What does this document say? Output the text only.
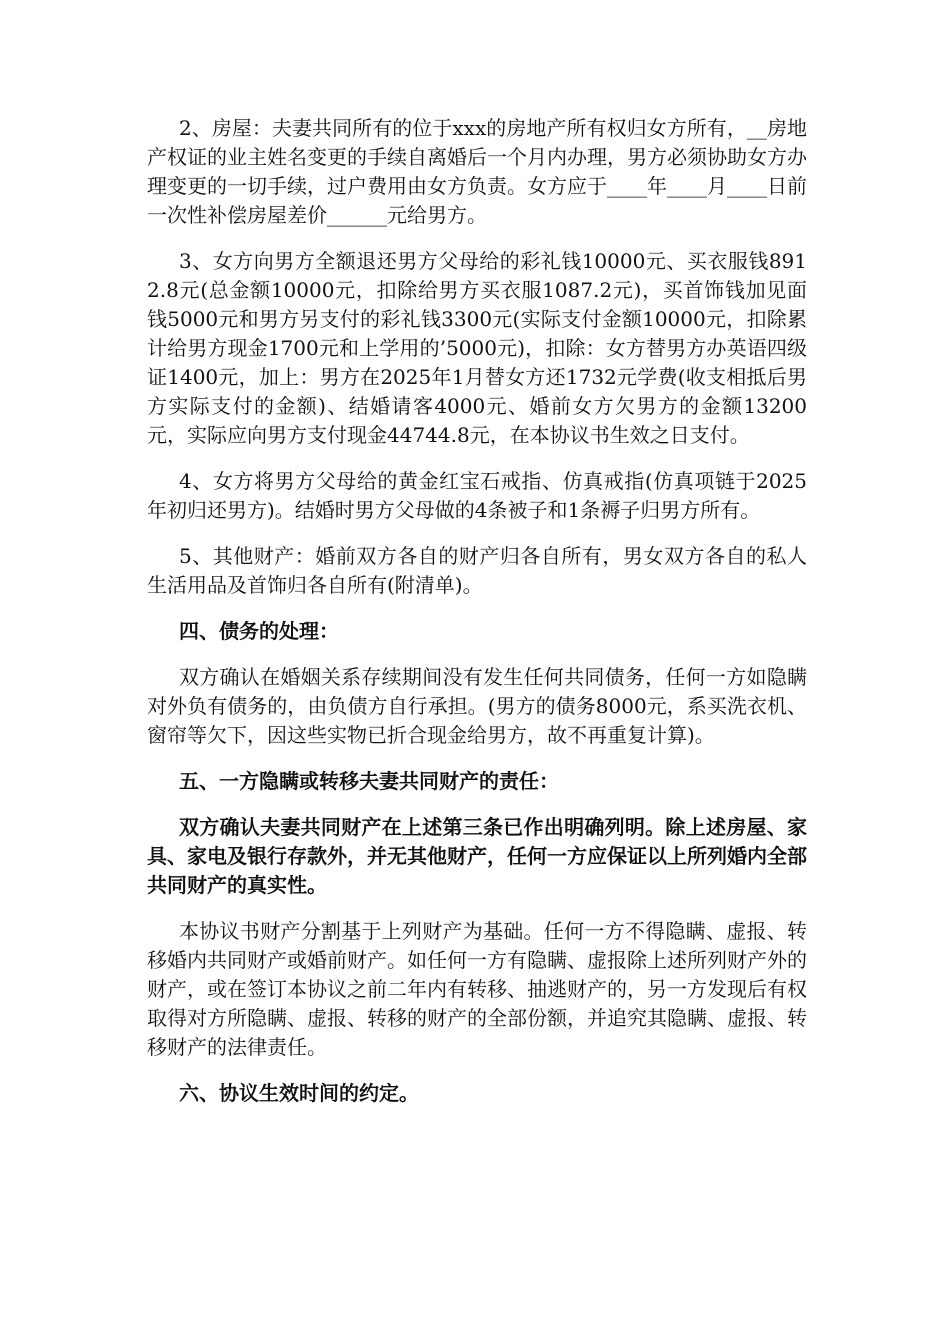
2、房屋：夫妻共同所有的位于xxx的房地产所有权归女方所有，__房地产权证的业主姓名变更的手续自离婚后一个月内办理，男方必须协助女方办理变更的一切手续，过户费用由女方负责。女方应于____年____月____日前一次性补偿房屋差价______元给男方。

3、女方向男方全额退还男方父母给的彩礼钱10000元、买衣服钱8912.8元(总金额10000元，扣除给男方买衣服1087.2元)，买首饰钱加见面钱5000元和男方另支付的彩礼钱3300元(实际支付金额10000元，扣除累计给男方现金1700元和上学用的’5000元)，扣除：女方替男方办英语四级证1400元，加上：男方在2025年1月替女方还1732元学费(收支相抵后男方实际支付的金额)、结婚请客4000元、婚前女方欠男方的金额13200元，实际应向男方支付现金44744.8元，在本协议书生效之日支付。

4、女方将男方父母给的黄金红宝石戒指、仿真戒指(仿真项链于2025年初归还男方)。结婚时男方父母做的4条被子和1条褥子归男方所有。

5、其他财产：婚前双方各自的财产归各自所有，男女双方各自的私人生活用品及首饰归各自所有(附清单)。

四、债务的处理：

双方确认在婚姻关系存续期间没有发生任何共同债务，任何一方如隐瞒对外负有债务的，由负债方自行承担。(男方的债务8000元，系买洗衣机、窗帘等欠下，因这些实物已折合现金给男方，故不再重复计算)。

五、一方隐瞒或转移夫妻共同财产的责任：

双方确认夫妻共同财产在上述第三条已作出明确列明。除上述房屋、家具、家电及银行存款外，并无其他财产，任何一方应保证以上所列婚内全部共同财产的真实性。

本协议书财产分割基于上列财产为基础。任何一方不得隐瞒、虚报、转移婚内共同财产或婚前财产。如任何一方有隐瞒、虚报除上述所列财产外的财产，或在签订本协议之前二年内有转移、抽逃财产的，另一方发现后有权取得对方所隐瞒、虚报、转移的财产的全部份额，并追究其隐瞒、虚报、转移财产的法律责任。

六、协议生效时间的约定。
